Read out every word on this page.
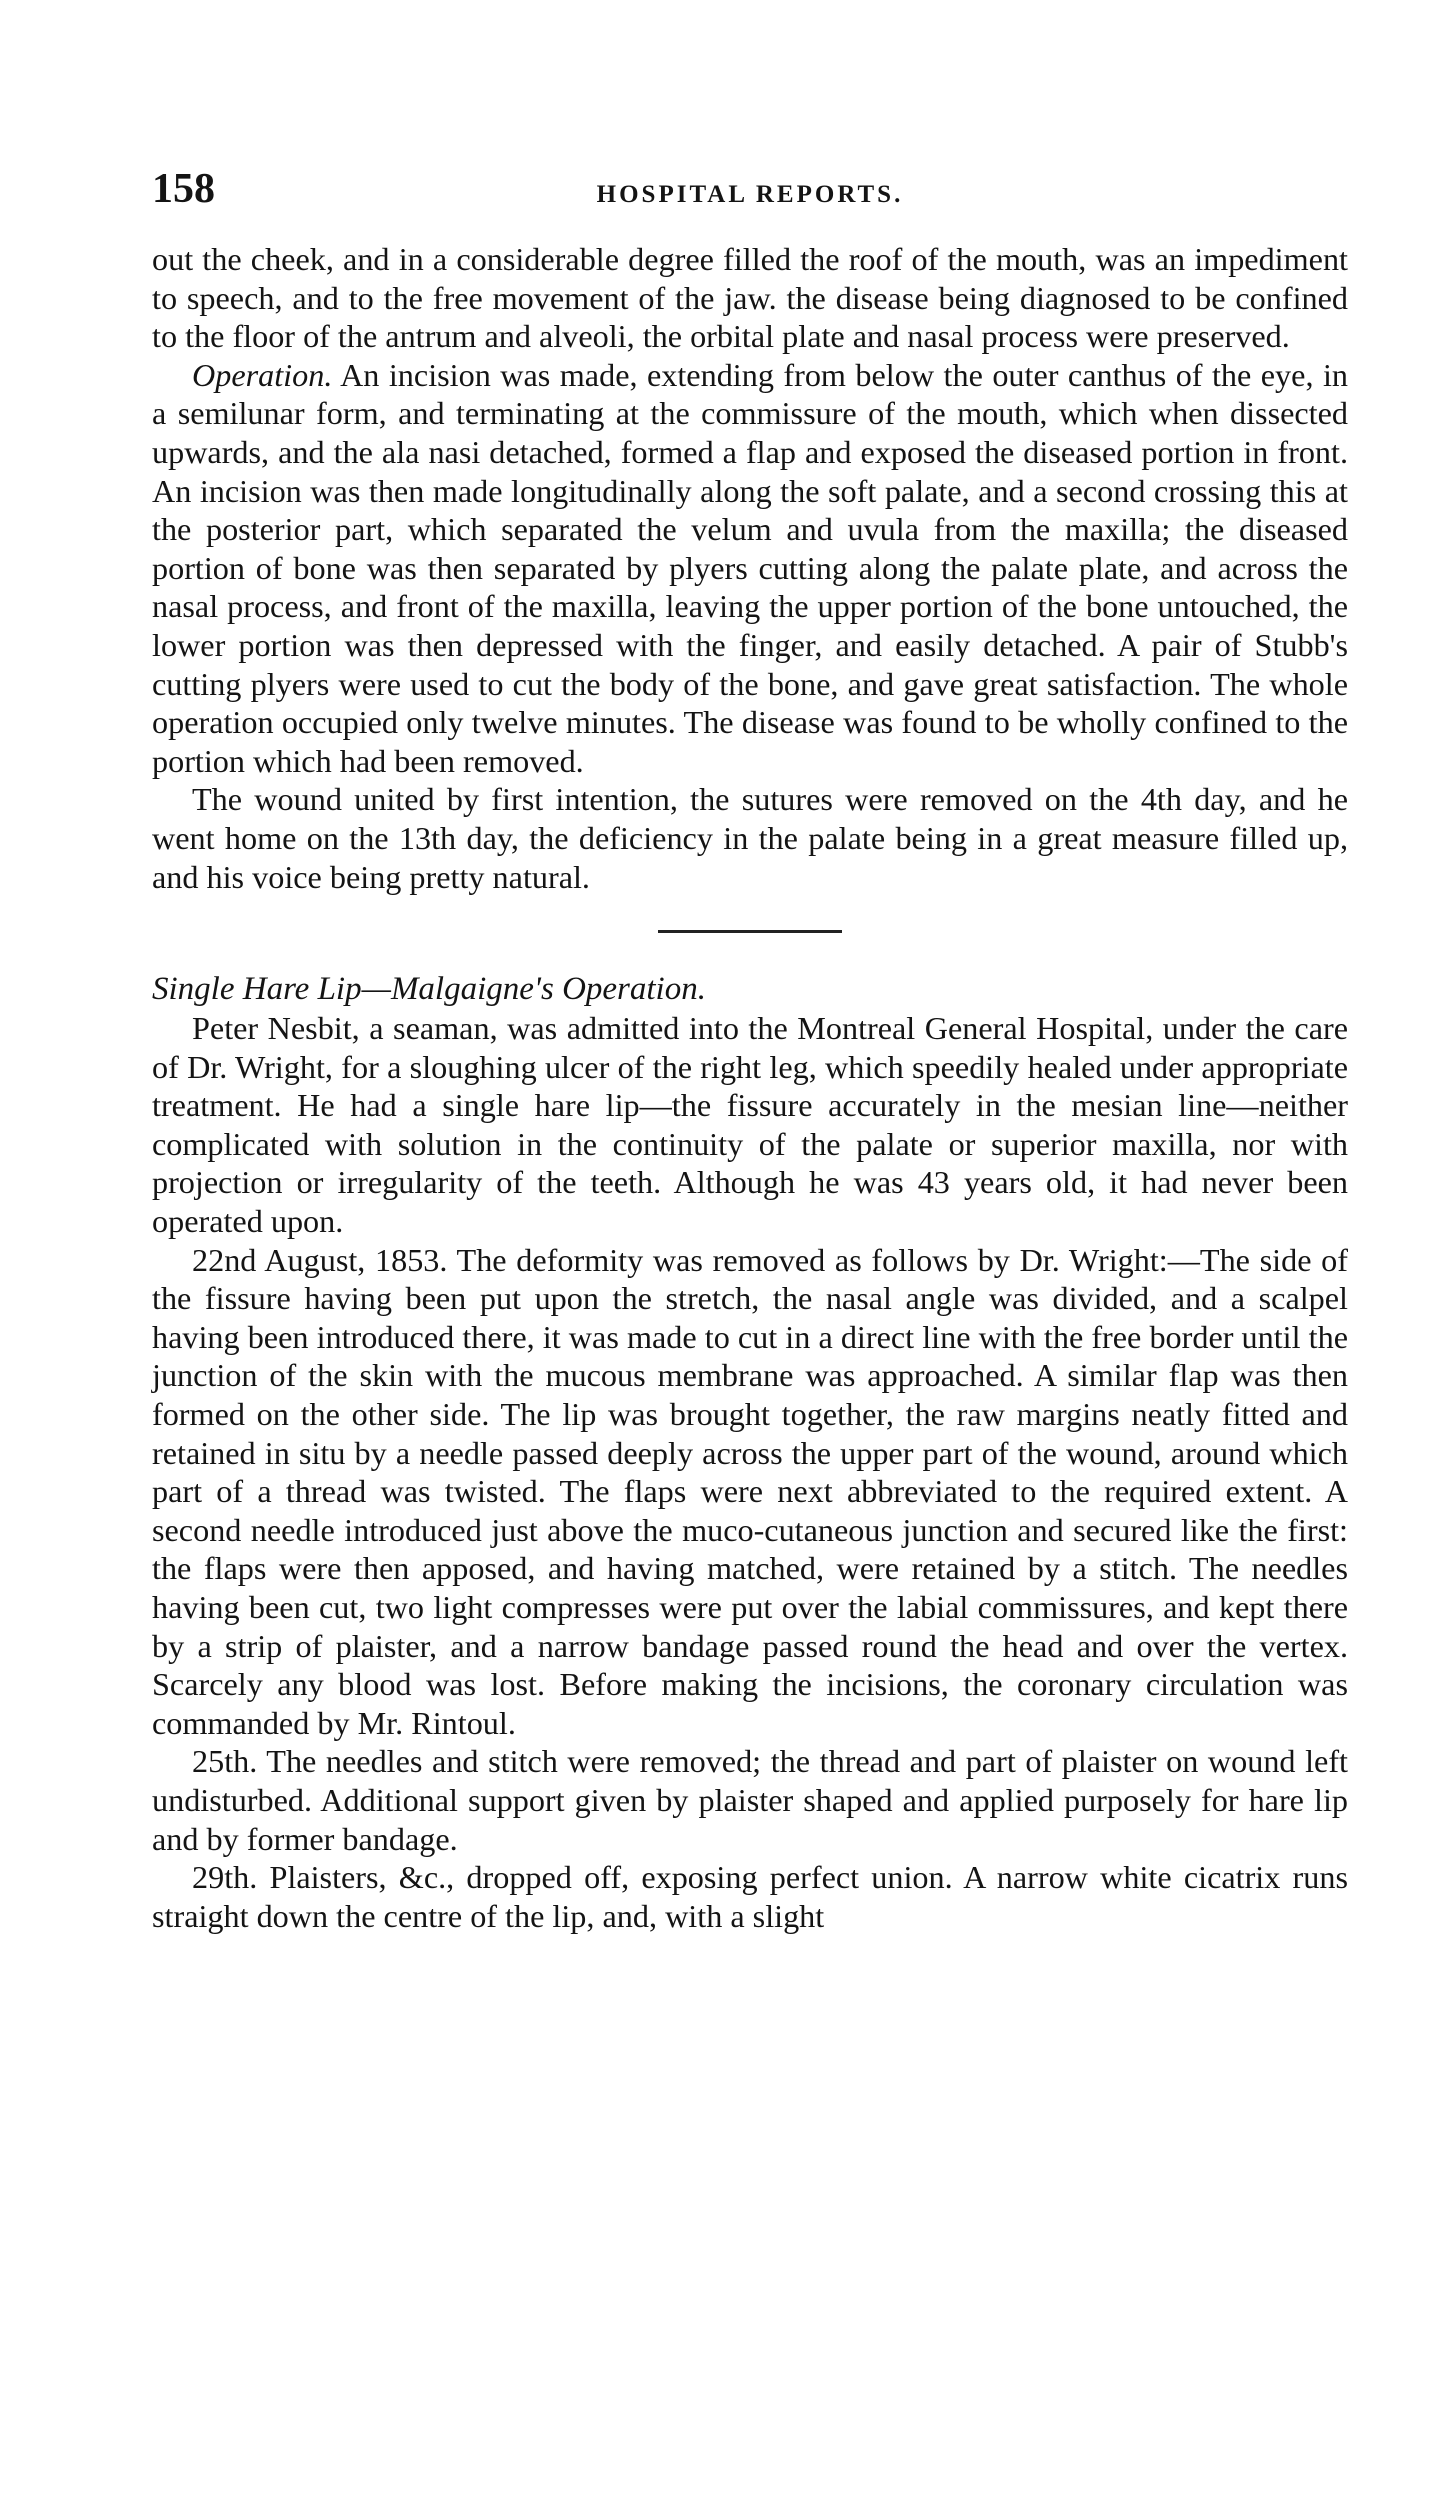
158	HOSPITAL REPORTS.

out the cheek, and in a considerable degree filled the roof of the mouth, was an impediment to speech, and to the free movement of the jaw. the disease being diagnosed to be confined to the floor of the antrum and alveoli, the orbital plate and nasal process were preserved.

Operation. An incision was made, extending from below the outer canthus of the eye, in a semilunar form, and terminating at the commissure of the mouth, which when dissected upwards, and the ala nasi detached, formed a flap and exposed the diseased portion in front. An incision was then made longitudinally along the soft palate, and a second crossing this at the posterior part, which separated the velum and uvula from the maxilla; the diseased portion of bone was then separated by plyers cutting along the palate plate, and across the nasal process, and front of the maxilla, leaving the upper portion of the bone untouched, the lower portion was then depressed with the finger, and easily detached. A pair of Stubb's cutting plyers were used to cut the body of the bone, and gave great satisfaction. The whole operation occupied only twelve minutes. The disease was found to be wholly confined to the portion which had been removed.

The wound united by first intention, the sutures were removed on the 4th day, and he went home on the 13th day, the deficiency in the palate being in a great measure filled up, and his voice being pretty natural.

Single Hare Lip—Malgaigne's Operation.

Peter Nesbit, a seaman, was admitted into the Montreal General Hospital, under the care of Dr. Wright, for a sloughing ulcer of the right leg, which speedily healed under appropriate treatment. He had a single hare lip—the fissure accurately in the mesian line—neither complicated with solution in the continuity of the palate or superior maxilla, nor with projection or irregularity of the teeth. Although he was 43 years old, it had never been operated upon.

22nd August, 1853. The deformity was removed as follows by Dr. Wright:—The side of the fissure having been put upon the stretch, the nasal angle was divided, and a scalpel having been introduced there, it was made to cut in a direct line with the free border until the junction of the skin with the mucous membrane was approached. A similar flap was then formed on the other side. The lip was brought together, the raw margins neatly fitted and retained in situ by a needle passed deeply across the upper part of the wound, around which part of a thread was twisted. The flaps were next abbreviated to the required extent. A second needle introduced just above the muco-cutaneous junction and secured like the first: the flaps were then apposed, and having matched, were retained by a stitch. The needles having been cut, two light compresses were put over the labial commissures, and kept there by a strip of plaister, and a narrow bandage passed round the head and over the vertex. Scarcely any blood was lost. Before making the incisions, the coronary circulation was commanded by Mr. Rintoul.

25th. The needles and stitch were removed; the thread and part of plaister on wound left undisturbed. Additional support given by plaister shaped and applied purposely for hare lip and by former bandage.

29th. Plaisters, &c., dropped off, exposing perfect union. A narrow white cicatrix runs straight down the centre of the lip, and, with a slight
